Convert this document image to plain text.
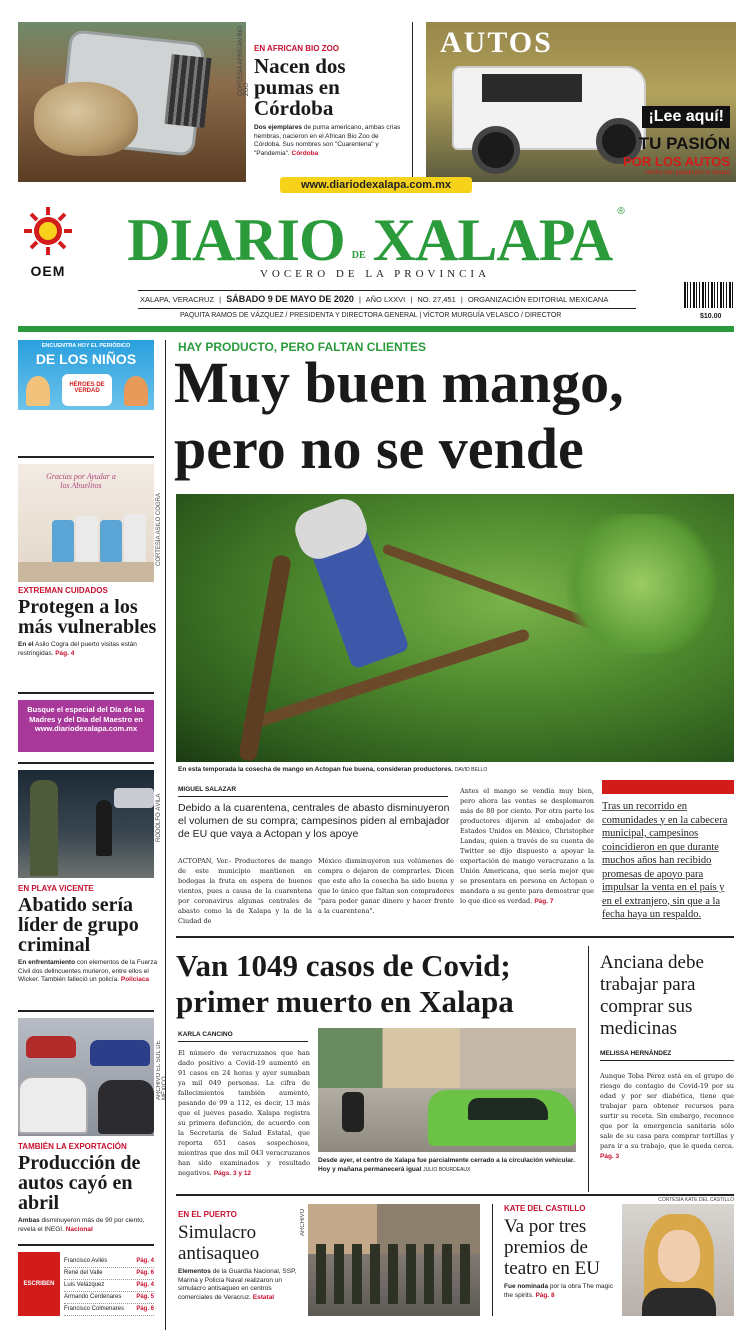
CORTESÍA AFRICAN BIO ZOO
EN AFRICAN BIO ZOO
Nacen dos pumas en Córdoba
Dos ejemplares de puma americano, ambas crías hembras, nacieron en el African Bio Zoo de Córdoba. Sus nombres son "Cuarentena" y "Pandemia". Córdoba
AUTOS
¡Lee aquí!
TU PASIÓN
POR LOS AUTOS
Hecho con pasión por la verdad
www.diariodexalapa.com.mx
OEM DIARIO DE XALAPA ®
VOCERO DE LA PROVINCIA
XALAPA, VERACRUZ | SÁBADO 9 DE MAYO DE 2020 | AÑO LXXVI | NO. 27,451 | ORGANIZACIÓN EDITORIAL MEXICANA
PAQUITA RAMOS DE VÁZQUEZ / PRESIDENTA Y DIRECTORA GENERAL | VÍCTOR MURGUÍA VELASCO / DIRECTOR	$10.00
ENCUENTRA HOY EL PERIÓDICO
DE LOS NIÑOS
HÉROES DE VERDAD
Gracias por Ayudar a los Abuelitos
CORTESÍA ASILO COGRA
EXTREMAN CUIDADOS
Protegen a los más vulnerables
En el Asilo Cogra del puerto visitas están restringidas. Pág. 4
Busque el especial del Día de las Madres y del Día del Maestro en www.diariodexalapa.com.mx
RODOLFO ÁVILA
EN PLAYA VICENTE
Abatido sería líder de grupo criminal
En enfrentamiento con elementos de la Fuerza Civil dos delincuentes murieron, entre ellos el Wicker. También falleció un policía. Policiaca
ARCHIVO EL SOL DE
TAMBIÉN LA EXPORTACIÓN
Producción de autos cayó en abril
Ambas disminuyeron más de 90 por ciento, revela el INEGI. Nacional
ESCRIBEN
Francisco Avilés	Pág. 4
René del Valle	Pág. 6
Luis Velázquez	Pág. 4
Armando Cerdenares Pág. 5
Francisco Colmenares Pág. 6
HAY PRODUCTO, PERO FALTAN CLIENTES
Muy buen mango,
pero no se vende
En esta temporada la cosecha de mango en Actopan fue buena, consideran productores. DAVID BELLO
MIGUEL SALAZAR
Debido a la cuarentena, centrales de abasto disminuyeron el volumen de su compra; campesinos piden al embajador de EU que vaya a Actopan y los apoye
ACTOPAN, Ver.- Productores de mango de este municipio mantienen en bodegas la fruta en espera de buenos vientos, pues a causa de la cuarentena por coronavirus algunas centrales de abasto como la de Xalapa y la de la Ciudad de
México disminuyeron sus volúmenes de compra o dejaron de comprarles. Dicen que este año la cosecha ha sido buena y que lo único que faltan son compradores "para poder ganar dinero y hacer frente a la cuarentena".
Antes el mango se vendía muy bien, pero ahora las ventas se desplomaron más de 80 por ciento. Por otra parte los productores dijeron al embajador de Estados Unidos en México, Christopher Landau, quien a través de su cuenta de Twitter se dijo dispuesto a apoyar la exportación de mango veracruzano a la Unión Americana, que sería mejor que se presentara en persona en Actopan o mandara a su gente para demostrar que lo que dice es verdad. Pág. 7
Tras un recorrido en comunidades y en la cabecera municipal, campesinos coincidieron en que durante muchos años han recibido promesas de apoyo para impulsar la venta en el país y en el extranjero, sin que a la fecha haya un respaldo.
Van 1049 casos de Covid;
primer muerto en Xalapa
KARLA CANCINO
El número de veracruzanos que han dado positivo a Covid-19 aumentó en 91 casos en 24 horas y ayer sumaban ya mil 049 personas. La cifra de fallecimientos también aumentó, pasando de 99 a 112, es decir, 13 más que el jueves pasado. Xalapa registra su primera defunción, de acuerdo con la Secretaría de Salud Estatal, que reporta 651 casos sospechosos, mientras que dos mil 043 veracruzanos han sido examinados y resultado negativos. Págs. 3 y 12
Desde ayer, el centro de Xalapa fue parcialmente cerrado a la circulación vehicular. Hoy y mañana permanecerá igual JULIO BOURDEAUX
Anciana debe trabajar para comprar sus medicinas
MELISSA HERNÁNDEZ
Aunque Toba Pérez está en el grupo de riesgo de contagio de Covid-19 por su edad y por ser diabética, tiene que trabajar para obtener recursos para surtir su receta. Sin embargo, reconoce que por la emergencia sanitaria sólo sale de su casa para comprar tortillas y para ir a su trabajo, que le queda cerca. Pág. 3
EN EL PUERTO
Simulacro antisaqueo
Elementos de la Guardia Nacional, SSP, Marina y Policía Naval realizaron un simulacro antisaqueo en centros comerciales de Veracruz. Estatal
ARCHIVO
KATE DEL CASTILLO
Va por tres premios de teatro en EU
Fue nominada por la obra The magic the spirits. Pág. 8
CORTESÍA KATE DEL CASTILLO
